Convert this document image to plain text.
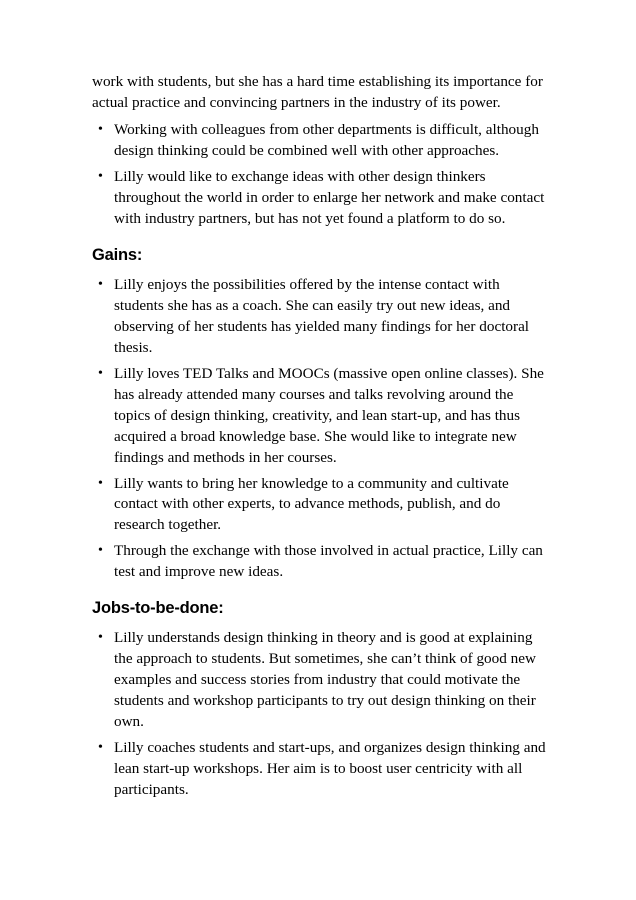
work with students, but she has a hard time establishing its importance for actual practice and convincing partners in the industry of its power.

• Working with colleagues from other departments is difficult, although design thinking could be combined well with other approaches.
• Lilly would like to exchange ideas with other design thinkers throughout the world in order to enlarge her network and make contact with industry partners, but has not yet found a platform to do so.
Gains:
• Lilly enjoys the possibilities offered by the intense contact with students she has as a coach. She can easily try out new ideas, and observing of her students has yielded many findings for her doctoral thesis.
• Lilly loves TED Talks and MOOCs (massive open online classes). She has already attended many courses and talks revolving around the topics of design thinking, creativity, and lean start-up, and has thus acquired a broad knowledge base. She would like to integrate new findings and methods in her courses.
• Lilly wants to bring her knowledge to a community and cultivate contact with other experts, to advance methods, publish, and do research together.
• Through the exchange with those involved in actual practice, Lilly can test and improve new ideas.
Jobs-to-be-done:
• Lilly understands design thinking in theory and is good at explaining the approach to students. But sometimes, she can’t think of good new examples and success stories from industry that could motivate the students and workshop participants to try out design thinking on their own.
• Lilly coaches students and start-ups, and organizes design thinking and lean start-up workshops. Her aim is to boost user centricity with all participants.
